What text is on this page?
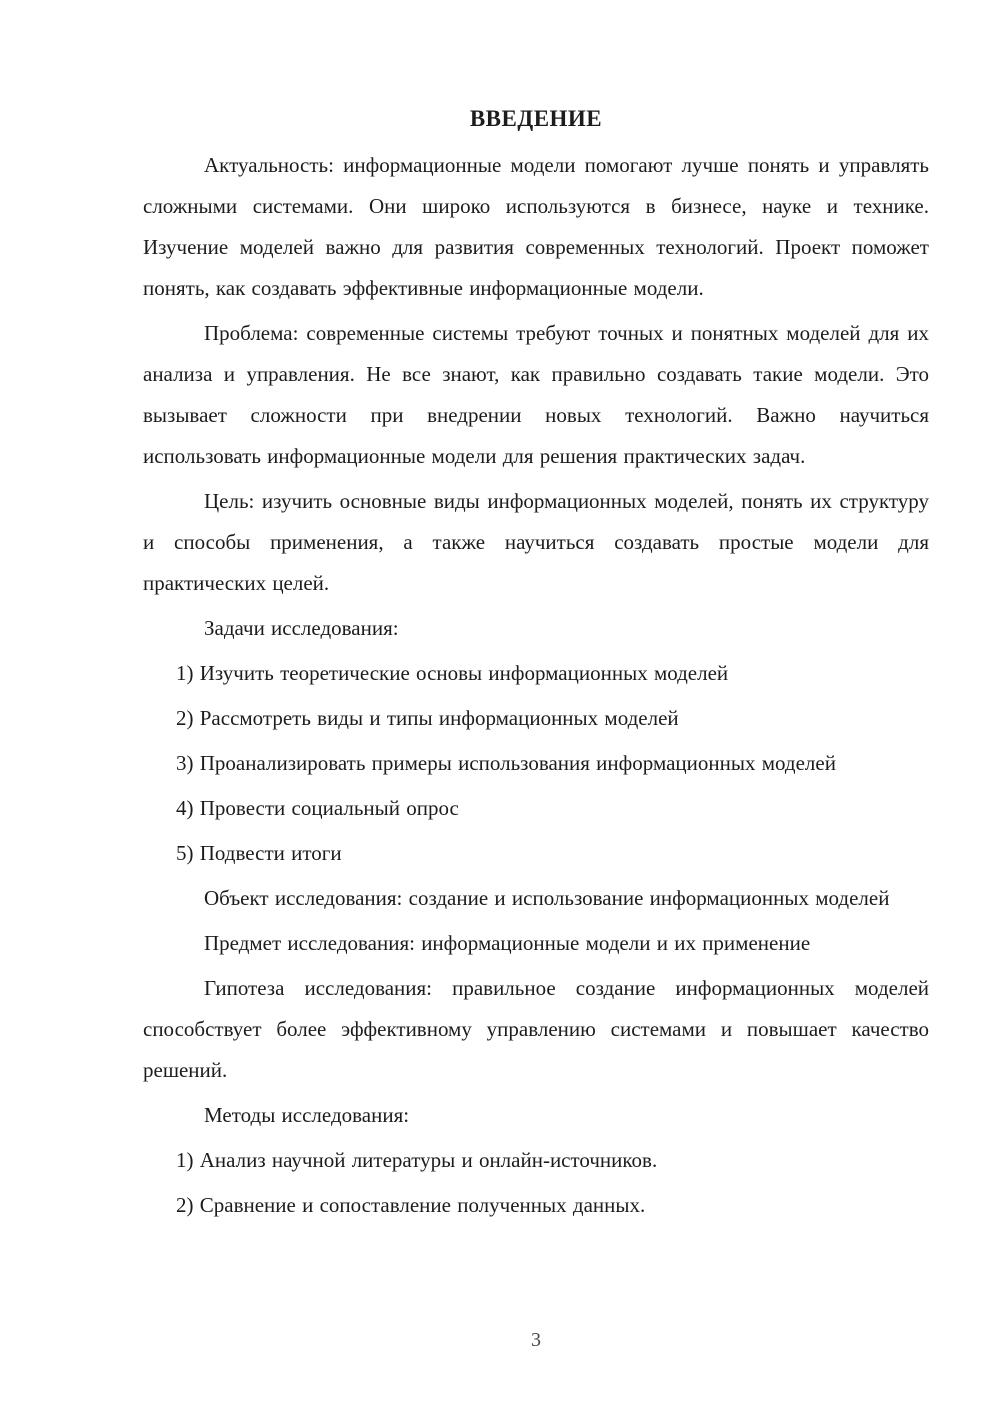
ВВЕДЕНИЕ

Актуальность: информационные модели помогают лучше понять и управлять сложными системами. Они широко используются в бизнесе, науке и технике. Изучение моделей важно для развития современных технологий. Проект поможет понять, как создавать эффективные информационные модели.

Проблема: современные системы требуют точных и понятных моделей для их анализа и управления. Не все знают, как правильно создавать такие модели. Это вызывает сложности при внедрении новых технологий. Важно научиться использовать информационные модели для решения практических задач.

Цель: изучить основные виды информационных моделей, понять их структуру и способы применения, а также научиться создавать простые модели для практических целей.

Задачи исследования:

1) Изучить теоретические основы информационных моделей

2) Рассмотреть виды и типы информационных моделей

3) Проанализировать примеры использования информационных моделей

4) Провести социальный опрос

5) Подвести итоги

Объект исследования: создание и использование информационных моделей

Предмет исследования: информационные модели и их применение

Гипотеза исследования: правильное создание информационных моделей способствует более эффективному управлению системами и повышает качество решений.

Методы исследования:

1) Анализ научной литературы и онлайн-источников.

2) Сравнение и сопоставление полученных данных.

3
